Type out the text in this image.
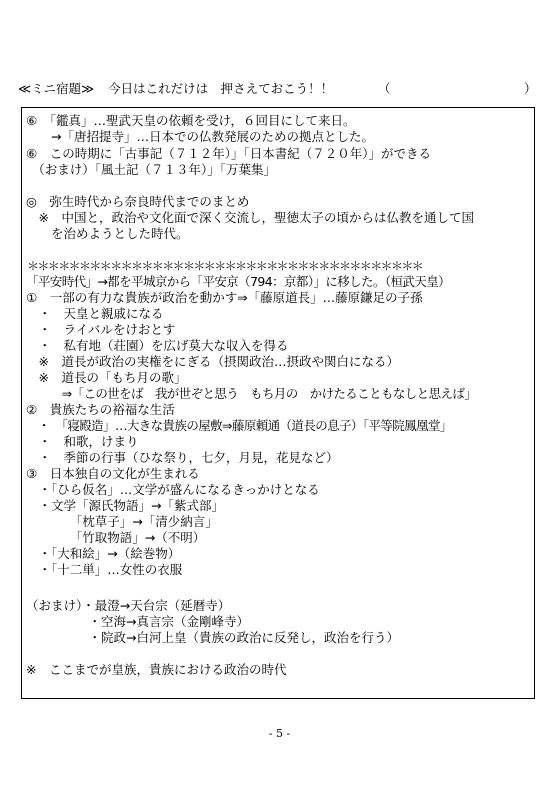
≪ミニ宿題≫ 今日はこれだけは　押さえておこう！！	（	）
⑥　「鑑真」…聖武天皇の依頼を受け，６回目にして来日。
　　→「唐招提寺」…日本での仏教発展のための拠点とした。
⑥　この時期に「古事記（７１２年）」「日本書紀（７２０年）」ができる
　（おまけ）「風土記（７１３年）」「万葉集」
◎　弥生時代から奈良時代までのまとめ
　※　中国と，政治や文化面で深く交流し，聖徳太子の頃からは仏教を通して国
　　を治めようとした時代。
＊＊＊＊＊＊＊＊＊＊＊＊＊＊＊＊＊＊＊＊＊＊＊＊＊＊＊＊＊＊＊＊＊＊＊＊＊＊
「平安時代」→都を平城京から「平安京（794：京都）」に移した。（桓武天皇）
①　一部の有力な貴族が政治を動かす⇒「藤原道長」…藤原鎌足の子孫
　・　天皇と親戚になる
　・　ライバルをけおとす
　・　私有地（荘園）を広げ莫大な収入を得る
　※　道長が政治の実権をにぎる（摂関政治…摂政や関白になる）
　※　道長の「もち月の歌」
　　　⇒「この世をば　我が世ぞと思う　もち月の　かけたることもなしと思えば」
②　貴族たちの裕福な生活
　・　「寝殿造」…大きな貴族の屋敷⇒藤原頼通（道長の息子）「平等院鳳凰堂」
　・　和歌，けまり
　・　季節の行事（ひな祭り，七夕，月見，花見など）
③　日本独自の文化が生まれる
　・「ひら仮名」…文学が盛んになるきっかけとなる
　・文学「源氏物語」→「紫式部」
　　　　「枕草子」→「清少納言」
　　　　「竹取物語」→（不明）
　・「大和絵」→（絵巻物）
　・「十二単」…女性の衣服
（おまけ）・最澄→天台宗（延暦寺）
　　　　　・空海→真言宗（金剛峰寺）
　　　　　・院政→白河上皇（貴族の政治に反発し，政治を行う）
※　ここまでが皇族，貴族における政治の時代
- 5 -
